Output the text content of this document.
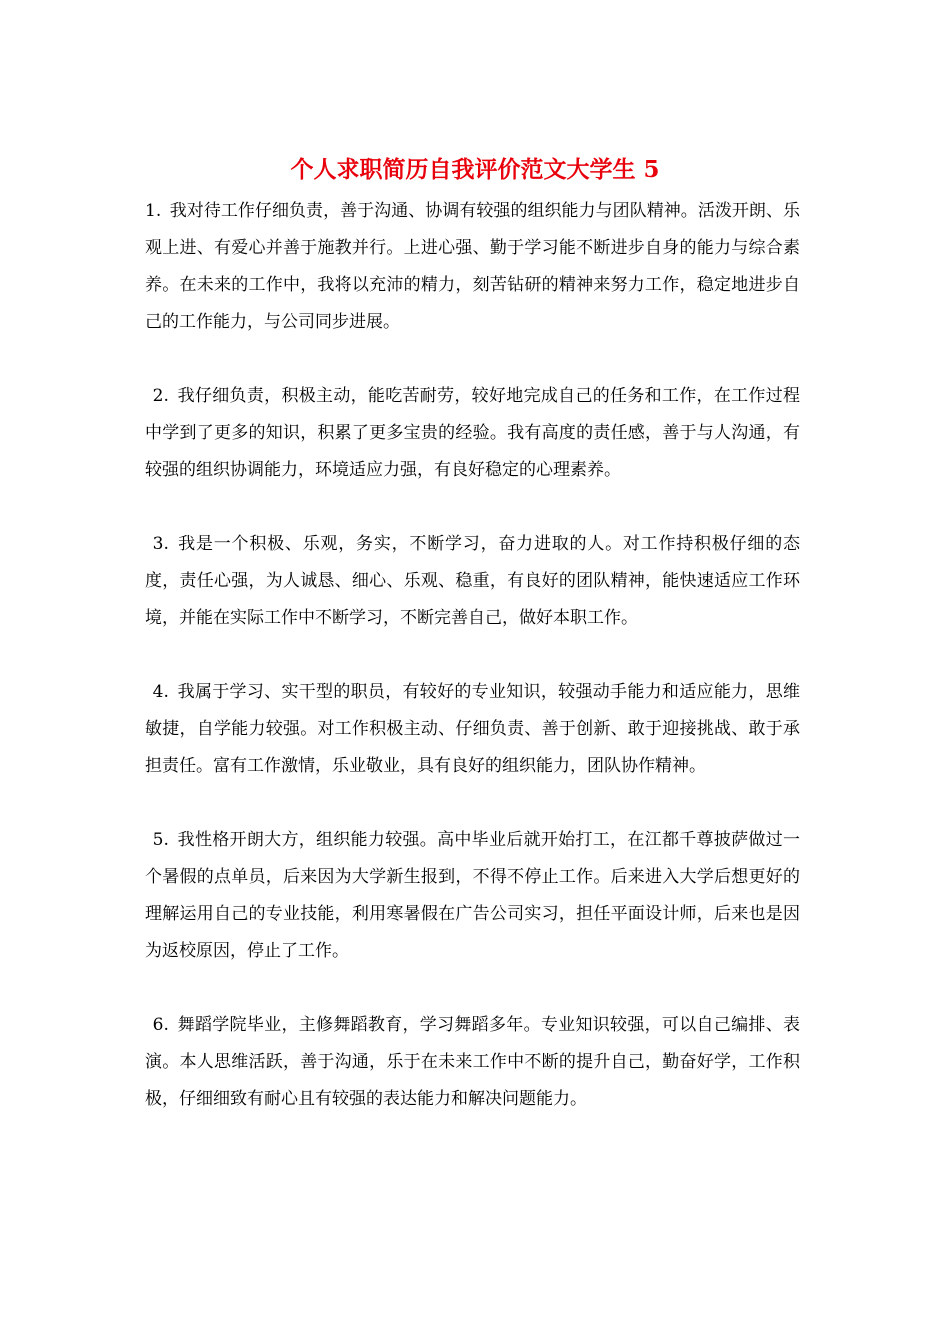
个人求职简历自我评价范文大学生 5

1.  我对待工作仔细负责，善于沟通、协调有较强的组织能力与团队精神。活泼开朗、乐观上进、有爱心并善于施教并行。上进心强、勤于学习能不断进步自身的能力与综合素养。在未来的工作中，我将以充沛的精力，刻苦钻研的精神来努力工作，稳定地进步自己的工作能力，与公司同步进展。

2.  我仔细负责，积极主动，能吃苦耐劳，较好地完成自己的任务和工作，在工作过程中学到了更多的知识，积累了更多宝贵的经验。我有高度的责任感，善于与人沟通，有较强的组织协调能力，环境适应力强，有良好稳定的心理素养。

3.  我是一个积极、乐观，务实，不断学习，奋力进取的人。对工作持积极仔细的态度，责任心强，为人诚恳、细心、乐观、稳重，有良好的团队精神，能快速适应工作环境，并能在实际工作中不断学习，不断完善自己，做好本职工作。

4.  我属于学习、实干型的职员，有较好的专业知识，较强动手能力和适应能力，思维敏捷，自学能力较强。对工作积极主动、仔细负责、善于创新、敢于迎接挑战、敢于承担责任。富有工作激情，乐业敬业，具有良好的组织能力，团队协作精神。

5.  我性格开朗大方，组织能力较强。高中毕业后就开始打工，在江都千尊披萨做过一个暑假的点单员，后来因为大学新生报到，不得不停止工作。后来进入大学后想更好的理解运用自己的专业技能，利用寒暑假在广告公司实习，担任平面设计师，后来也是因为返校原因，停止了工作。

6.  舞蹈学院毕业，主修舞蹈教育，学习舞蹈多年。专业知识较强，可以自己编排、表演。本人思维活跃，善于沟通，乐于在未来工作中不断的提升自己，勤奋好学，工作积极，仔细细致有耐心且有较强的表达能力和解决问题能力。
